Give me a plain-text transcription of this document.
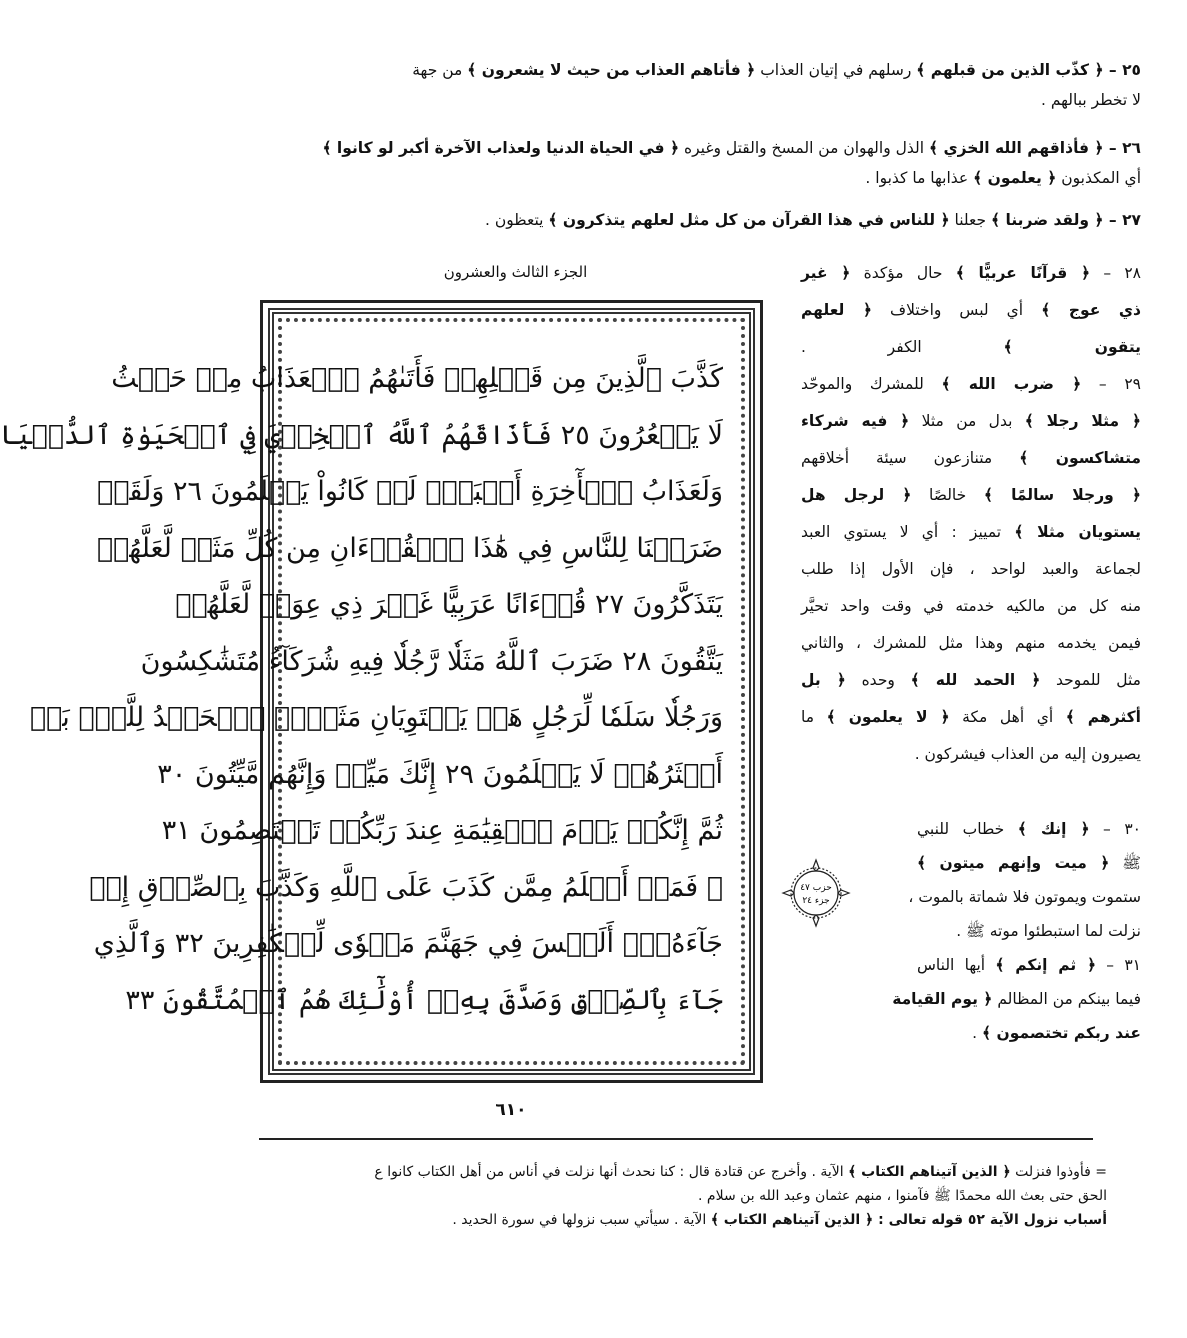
٢٥ – ﴿ كذّب الذين من قبلهم ﴾ رسلهم في إتيان العذاب ﴿ فأتاهم العذاب من حيث لا يشعرون ﴾ من جهة
لا تخطر ببالهم .
٢٦ – ﴿ فأذاقهم الله الخزي ﴾ الذل والهوان من المسخ والقتل وغيره ﴿ في الحياة الدنيا ولعذاب الآخرة أكبر لو كانوا ﴾
أي المكذبون ﴿ يعلمون ﴾ عذابها ما كذبوا .
٢٧ – ﴿ ولقد ضربنا ﴾ جعلنا ﴿ للناس في هذا القرآن من كل مثل لعلهم يتذكرون ﴾ يتعظون .
الجزء الثالث والعشرون
كَذَّبَ ٱلَّذِينَ مِن قَبۡلِهِمۡ فَأَتَىٰهُمُ ٱلۡعَذَابُ مِنۡ حَيۡثُ
لَا يَشۡعُرُونَ ٢٥ فَأَذَاقَهُمُ ٱللَّهُ ٱلۡخِزۡيَ فِي ٱلۡحَيَوٰةِ ٱلدُّنۡيَا
وَلَعَذَابُ ٱلۡأٓخِرَةِ أَكۡبَرُۚ لَوۡ كَانُواْ يَعۡلَمُونَ ٢٦ وَلَقَدۡ
ضَرَبۡنَا لِلنَّاسِ فِي هَٰذَا ٱلۡقُرۡءَانِ مِن كُلِّ مَثَلٖ لَّعَلَّهُمۡ
يَتَذَكَّرُونَ ٢٧ قُرۡءَانًا عَرَبِيًّا غَيۡرَ ذِي عِوَجٖ لَّعَلَّهُمۡ
يَتَّقُونَ ٢٨ ضَرَبَ ٱللَّهُ مَثَلٗا رَّجُلٗا فِيهِ شُرَكَآءُ مُتَشَٰكِسُونَ
وَرَجُلٗا سَلَمٗا لِّرَجُلٍ هَلۡ يَسۡتَوِيَانِ مَثَلًاۚ ٱلۡحَمۡدُ لِلَّهِۚ بَلۡ
أَكۡثَرُهُمۡ لَا يَعۡلَمُونَ ٢٩ إِنَّكَ مَيِّتٞ وَإِنَّهُم مَّيِّتُونَ ٣٠
ثُمَّ إِنَّكُمۡ يَوۡمَ ٱلۡقِيَٰمَةِ عِندَ رَبِّكُمۡ تَخۡتَصِمُونَ ٣١
۞ فَمَنۡ أَظۡلَمُ مِمَّن كَذَبَ عَلَى ٱللَّهِ وَكَذَّبَ بِٱلصِّدۡقِ إِذۡ
جَآءَهُۥٓۚ أَلَيۡسَ فِي جَهَنَّمَ مَثۡوٗى لِّلۡكَٰفِرِينَ ٣٢ وَٱلَّذِي
جَآءَ بِٱلصِّدۡقِ وَصَدَّقَ بِهِۦٓ أُوْلَٰٓئِكَ هُمُ ٱلۡمُتَّقُونَ ٣٣
٢٨ – ﴿ قرآنًا عربيًّا ﴾ حال مؤكدة ﴿ غير
ذي عوج ﴾ أي لبس واختلاف ﴿ لعلهم
يتقون ﴾ الكفر .
٢٩ – ﴿ ضرب الله ﴾ للمشرك والموحّد
﴿ مثلا رجلا ﴾ بدل من مثلا ﴿ فيه شركاء
متشاكسون ﴾ متنازعون سيئة أخلاقهم
﴿ ورجلا سالمًا ﴾ خالصًا ﴿ لرجل هل
يستويان مثلا ﴾ تمييز : أي لا يستوي العبد
لجماعة والعبد لواحد ، فإن الأول إذا طلب
منه كل من مالكيه خدمته في وقت واحد تحيَّر
فيمن يخدمه منهم وهذا مثل للمشرك ، والثاني
مثل للموحد ﴿ الحمد لله ﴾ وحده ﴿ بل
أكثرهم ﴾ أي أهل مكة ﴿ لا يعلمون ﴾ ما
يصيرون إليه من العذاب فيشركون .
٣٠ – ﴿ إنك ﴾ خطاب للنبي
ﷺ ﴿ ميت وإنهم ميتون ﴾
ستموت ويموتون فلا شماتة بالموت ،
نزلت لما استبطئوا موته ﷺ .
٣١ – ﴿ ثم إنكم ﴾ أيها الناس
فيما بينكم من المظالم ﴿ يوم القيامة
عند ربكم تختصمون ﴾ .
حزب ٤٧
جزء ٢٤
٦١٠
= فأوذوا فنزلت ﴿ الذين آتيناهم الكتاب ﴾ الآية . وأخرج عن قتادة قال : كنا نحدث أنها نزلت في أناس من أهل الكتاب كانوا ع
الحق حتى بعث الله محمدًا ﷺ فآمنوا ، منهم عثمان وعبد الله بن سلام .
أسباب نزول الآية ٥٢ قوله تعالى : ﴿ الذين آتيناهم الكتاب ﴾ الآية . سيأتي سبب نزولها في سورة الحديد .
